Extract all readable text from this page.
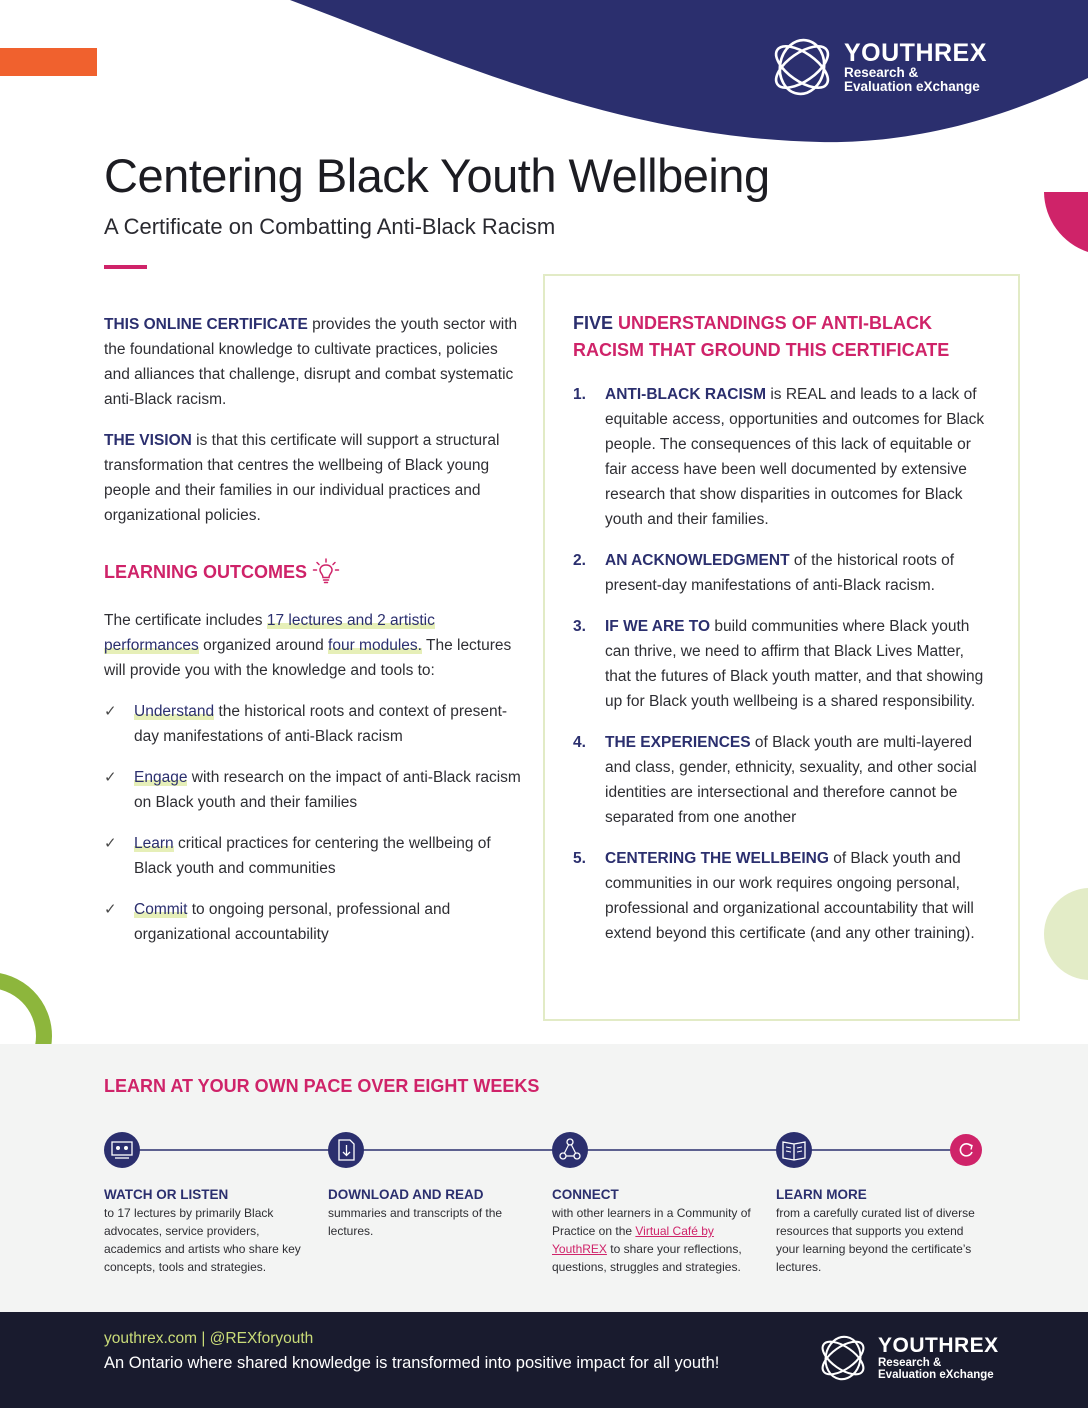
YOUTHREX
Research &
Evaluation eXchange
Centering Black Youth Wellbeing
A Certificate on Combatting Anti-Black Racism

THIS ONLINE CERTIFICATE provides the youth sector with the foundational knowledge to cultivate practices, policies and alliances that challenge, disrupt and combat systematic anti-Black racism.

THE VISION is that this certificate will support a structural transformation that centres the wellbeing of Black young people and their families in our individual practices and organizational policies.

LEARNING OUTCOMES

The certificate includes 17 lectures and 2 artistic performances organized around four modules. The lectures will provide you with the knowledge and tools to:

✓ Understand the historical roots and context of present-day manifestations of anti-Black racism
✓ Engage with research on the impact of anti-Black racism on Black youth and their families
✓ Learn critical practices for centering the wellbeing of Black youth and communities
✓ Commit to ongoing personal, professional and organizational accountability
FIVE UNDERSTANDINGS OF ANTI-BLACK RACISM THAT GROUND THIS CERTIFICATE
1. ANTI-BLACK RACISM is REAL and leads to a lack of equitable access, opportunities and outcomes for Black people. The consequences of this lack of equitable or fair access have been well documented by extensive research that show disparities in outcomes for Black youth and their families.
2. AN ACKNOWLEDGMENT of the historical roots of present-day manifestations of anti-Black racism.
3. IF WE ARE TO build communities where Black youth can thrive, we need to affirm that Black Lives Matter, that the futures of Black youth matter, and that showing up for Black youth wellbeing is a shared responsibility.
4. THE EXPERIENCES of Black youth are multi-layered and class, gender, ethnicity, sexuality, and other social identities are intersectional and therefore cannot be separated from one another
5. CENTERING THE WELLBEING of Black youth and communities in our work requires ongoing personal, professional and organizational accountability that will extend beyond this certificate (and any other training).
LEARN AT YOUR OWN PACE OVER EIGHT WEEKS
WATCH OR LISTEN
to 17 lectures by primarily Black advocates, service providers, academics and artists who share key concepts, tools and strategies.
DOWNLOAD AND READ
summaries and transcripts of the lectures.
CONNECT
with other learners in a Community of Practice on the Virtual Café by YouthREX to share your reflections, questions, struggles and strategies.
LEARN MORE
from a carefully curated list of diverse resources that supports you extend your learning beyond the certificate’s lectures.
youthrex.com | @REXforyouth
An Ontario where shared knowledge is transformed into positive impact for all youth!
YOUTHREX
Research &
Evaluation eXchange
